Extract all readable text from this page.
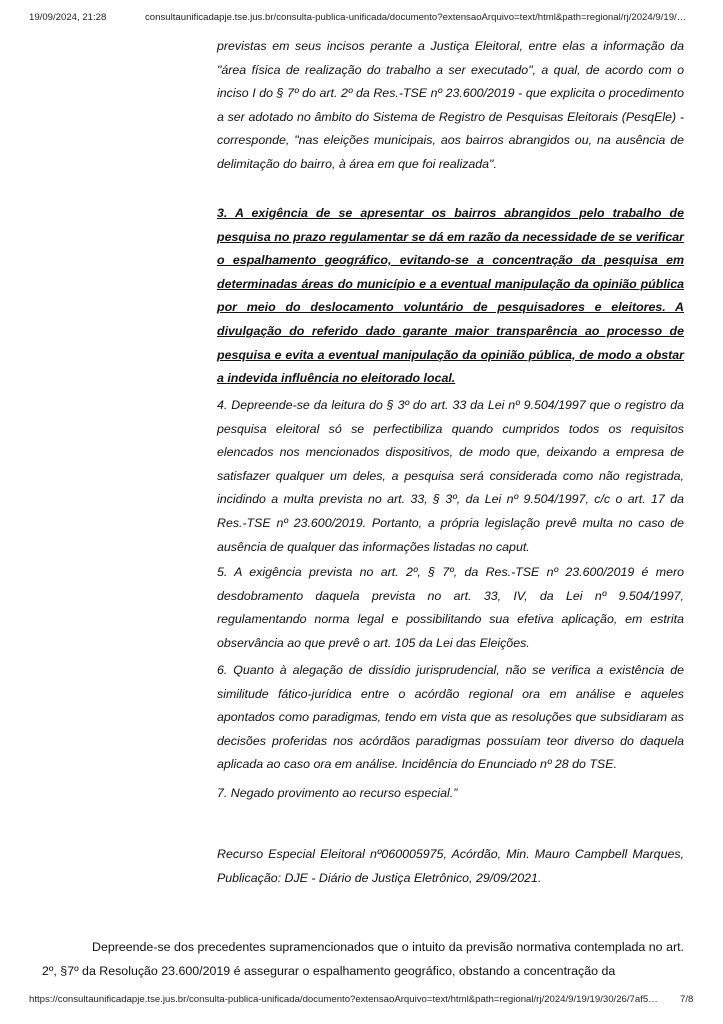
19/09/2024, 21:28	consultaunificadapje.tse.jus.br/consulta-publica-unificada/documento?extensaoArquivo=text/html&path=regional/rj/2024/9/19/…

previstas em seus incisos perante a Justiça Eleitoral, entre elas a informação da "área física de realização do trabalho a ser executado", a qual, de acordo com o inciso I do § 7º do art. 2º da Res.-TSE nº 23.600/2019 - que explicita o procedimento a ser adotado no âmbito do Sistema de Registro de Pesquisas Eleitorais (PesqEle) - corresponde, "nas eleições municipais, aos bairros abrangidos ou, na ausência de delimitação do bairro, à área em que foi realizada".

3. A exigência de se apresentar os bairros abrangidos pelo trabalho de pesquisa no prazo regulamentar se dá em razão da necessidade de se verificar o espalhamento geográfico, evitando-se a concentração da pesquisa em determinadas áreas do município e a eventual manipulação da opinião pública por meio do deslocamento voluntário de pesquisadores e eleitores. A divulgação do referido dado garante maior transparência ao processo de pesquisa e evita a eventual manipulação da opinião pública, de modo a obstar a indevida influência no eleitorado local.

4. Depreende-se da leitura do § 3º do art. 33 da Lei nº 9.504/1997 que o registro da pesquisa eleitoral só se perfectibiliza quando cumpridos todos os requisitos elencados nos mencionados dispositivos, de modo que, deixando a empresa de satisfazer qualquer um deles, a pesquisa será considerada como não registrada, incidindo a multa prevista no art. 33, § 3º, da Lei nº 9.504/1997, c/c o art. 17 da Res.-TSE nº 23.600/2019. Portanto, a própria legislação prevê multa no caso de ausência de qualquer das informações listadas no caput.

5. A exigência prevista no art. 2º, § 7º, da Res.-TSE nº 23.600/2019 é mero desdobramento daquela prevista no art. 33, IV, da Lei nº 9.504/1997, regulamentando norma legal e possibilitando sua efetiva aplicação, em estrita observância ao que prevê o art. 105 da Lei das Eleições.

6. Quanto à alegação de dissídio jurisprudencial, não se verifica a existência de similitude fático-jurídica entre o acórdão regional ora em análise e aqueles apontados como paradigmas, tendo em vista que as resoluções que subsidiaram as decisões proferidas nos acórdãos paradigmas possuíam teor diverso do daquela aplicada ao caso ora em análise. Incidência do Enunciado nº 28 do TSE.

7. Negado provimento ao recurso especial.”

Recurso Especial Eleitoral nº060005975, Acórdão, Min. Mauro Campbell Marques, Publicação: DJE - Diário de Justiça Eletrônico, 29/09/2021.

Depreende-se dos precedentes supramencionados que o intuito da previsão normativa contemplada no art. 2º, §7º da Resolução 23.600/2019 é assegurar o espalhamento geográfico, obstando a concentração da

https://consultaunificadapje.tse.jus.br/consulta-publica-unificada/documento?extensaoArquivo=text/html&path=regional/rj/2024/9/19/19/30/26/7af5…	7/8
